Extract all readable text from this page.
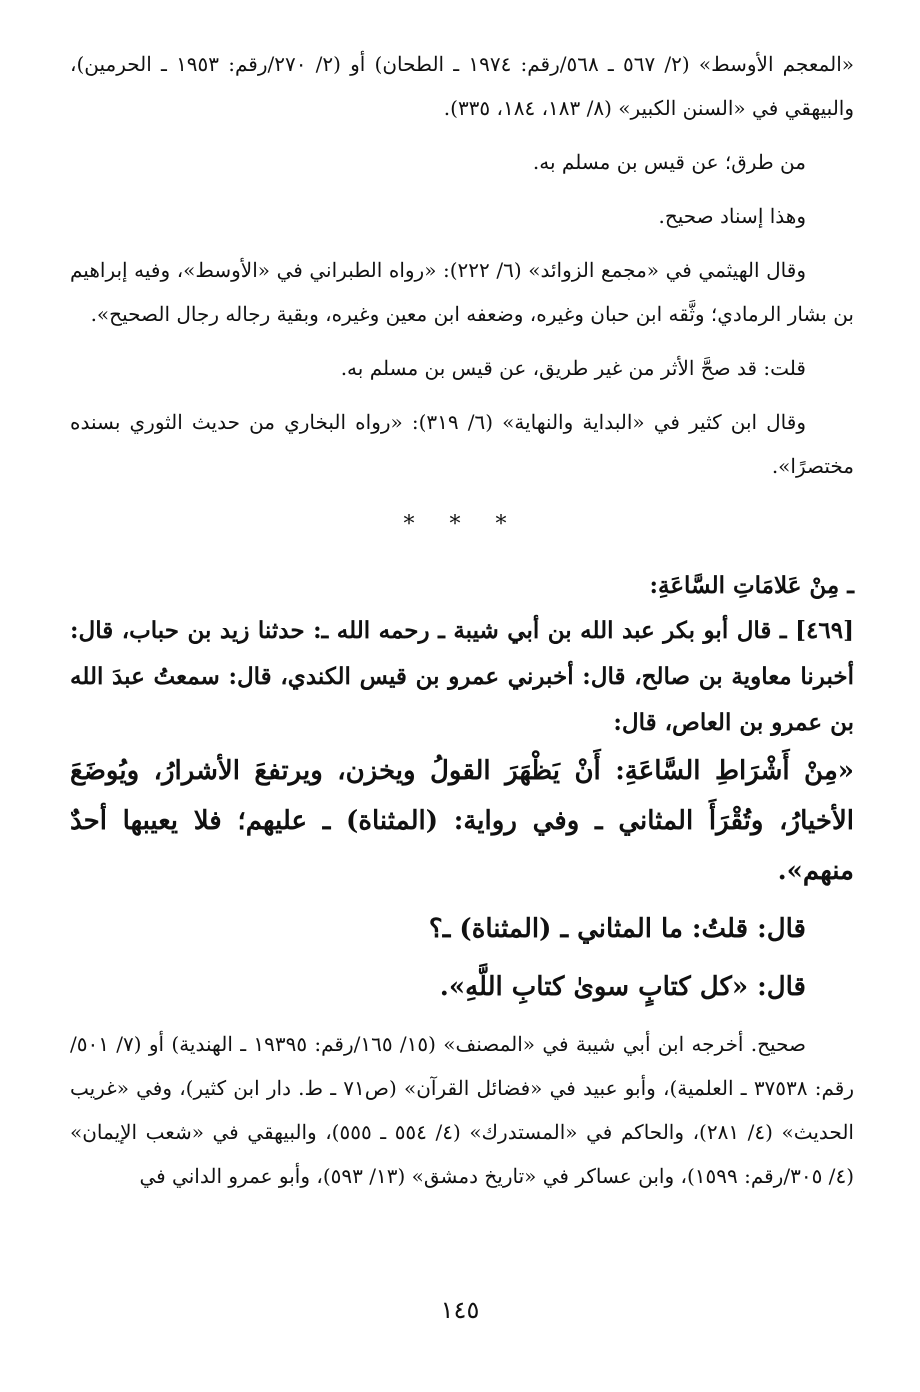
«المعجم الأوسط» (٢/ ٥٦٧ ـ ٥٦٨/رقم: ١٩٧٤ ـ الطحان) أو (٢/ ٢٧٠/رقم: ١٩٥٣ ـ الحرمين)، والبيهقي في «السنن الكبير» (٨/ ١٨٣، ١٨٤، ٣٣٥).

من طرق؛ عن قيس بن مسلم به.

وهذا إسناد صحيح.

وقال الهيثمي في «مجمع الزوائد» (٦/ ٢٢٢): «رواه الطبراني في «الأوسط»، وفيه إبراهيم بن بشار الرمادي؛ وثَّقه ابن حبان وغيره، وضعفه ابن معين وغيره، وبقية رجاله رجال الصحيح».

قلت: قد صحَّ الأثر من غير طريق، عن قيس بن مسلم به.

وقال ابن كثير في «البداية والنهاية» (٦/ ٣١٩): «رواه البخاري من حديث الثوري بسنده مختصرًا».

* * *

ـ مِنْ عَلامَاتِ السَّاعَةِ:

[٤٦٩] ـ قال أبو بكر عبد الله بن أبي شيبة ـ رحمه الله ـ: حدثنا زيد بن حباب، قال: أخبرنا معاوية بن صالح، قال: أخبرني عمرو بن قيس الكندي، قال: سمعتُ عبدَ الله بن عمرو بن العاص، قال:

«مِنْ أَشْرَاطِ السَّاعَةِ: أَنْ يَظْهَرَ القولُ ويخزن، ويرتفعَ الأشرارُ، ويُوضَعَ الأخيارُ، وتُقْرَأَ المثاني ـ وفي رواية: (المثناة) ـ عليهم؛ فلا يعيبها أحدٌ منهم».

قال: قلتُ: ما المثاني ـ (المثناة) ـ؟

قال: «كل كتابٍ سوىٰ كتابِ اللَّهِ».

صحيح. أخرجه ابن أبي شيبة في «المصنف» (١٥/ ١٦٥/رقم: ١٩٣٩٥ ـ الهندية) أو (٧/ ٥٠١/رقم: ٣٧٥٣٨ ـ العلمية)، وأبو عبيد في «فضائل القرآن» (ص٧١ ـ ط. دار ابن كثير)، وفي «غريب الحديث» (٤/ ٢٨١)، والحاكم في «المستدرك» (٤/ ٥٥٤ ـ ٥٥٥)، والبيهقي في «شعب الإيمان» (٤/ ٣٠٥/رقم: ١٥٩٩)، وابن عساكر في «تاريخ دمشق» (١٣/ ٥٩٣)، وأبو عمرو الداني في

١٤٥
